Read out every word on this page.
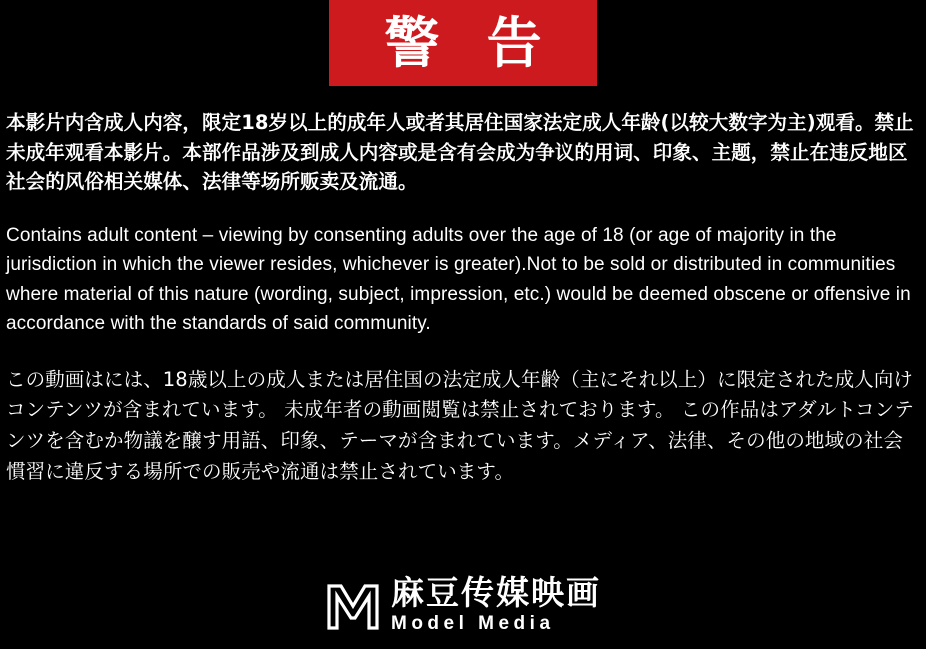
警 告

本影片内含成人内容，限定18岁以上的成年人或者其居住国家法定成人年龄(以较大数字为主)观看。禁止未成年观看本影片。本部作品涉及到成人内容或是含有会成为争议的用词、印象、主题，禁止在违反地区社会的风俗相关媒体、法律等场所贩卖及流通。

Contains adult content – viewing by consenting adults over the age of 18 (or age of majority in the jurisdiction in which the viewer resides, whichever is greater).Not to be sold or distributed in communities where material of this nature (wording, subject, impression, etc.) would be deemed obscene or offensive in accordance with the standards of said community.

この動画はには、18歳以上の成人または居住国の法定成人年齢（主にそれ以上）に限定された成人向けコンテンツが含まれています。 未成年者の動画閲覧は禁止されております。 この作品はアダルトコンテンツを含むか物議を醸す用語、印象、テーマが含まれています。メディア、法律、その他の地域の社会慣習に違反する場所での販売や流通は禁止されています。

麻豆传媒映画
Model Media
